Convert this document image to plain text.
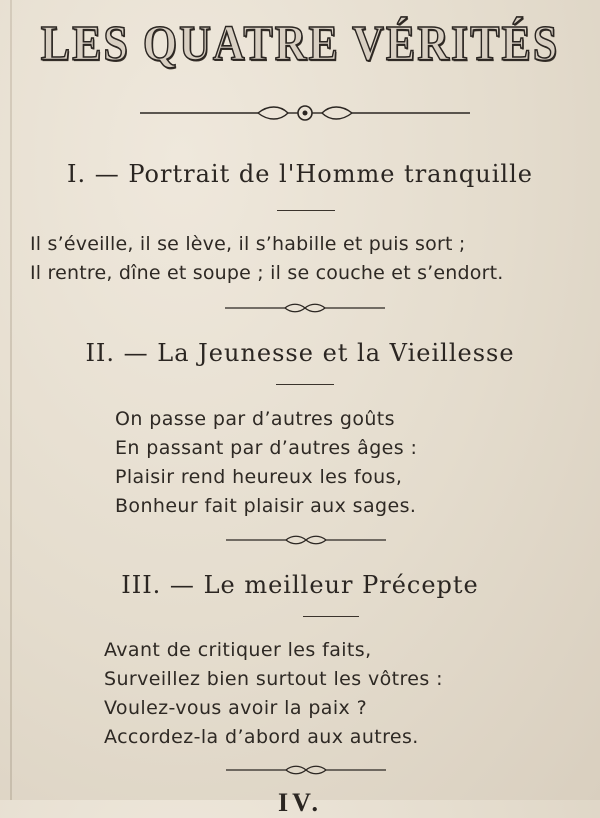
LES QUATRE VÉRITÉS
I. — Portrait de l'Homme tranquille
Il s’éveille, il se lève, il s’habille et puis sort ;
Il rentre, dîne et soupe ; il se couche et s’endort.
II. — La Jeunesse et la Vieillesse
On passe par d’autres goûts
En passant par d’autres âges :
Plaisir rend heureux les fous,
Bonheur fait plaisir aux sages.
III. — Le meilleur Précepte
Avant de critiquer les faits,
Surveillez bien surtout les vôtres :
Voulez-vous avoir la paix ?
Accordez-la d’abord aux autres.
IV.
